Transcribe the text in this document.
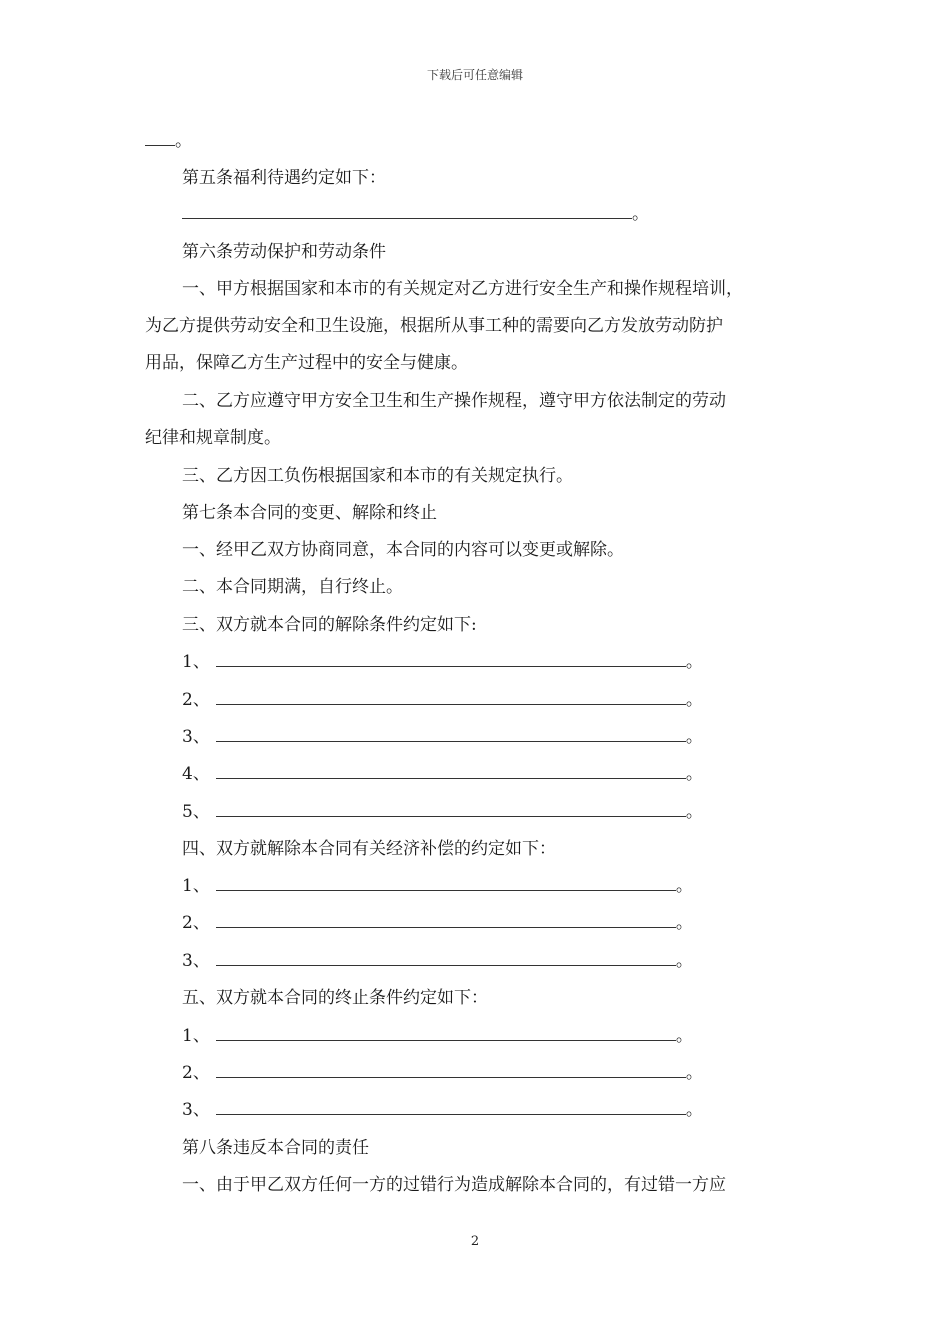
下载后可任意编辑
。
第五条福利待遇约定如下：
。
第六条劳动保护和劳动条件
一、甲方根据国家和本市的有关规定对乙方进行安全生产和操作规程培训，
为乙方提供劳动安全和卫生设施，根据所从事工种的需要向乙方发放劳动防护
用品，保障乙方生产过程中的安全与健康。
二、乙方应遵守甲方安全卫生和生产操作规程，遵守甲方依法制定的劳动
纪律和规章制度。
三、乙方因工负伤根据国家和本市的有关规定执行。
第七条本合同的变更、解除和终止
一、经甲乙双方协商同意，本合同的内容可以变更或解除。
二、本合同期满，自行终止。
三、双方就本合同的解除条件约定如下:
1、	。
2、	。
3、	。
4、	。
5、	。
四、双方就解除本合同有关经济补偿的约定如下：
1、	。
2、	。
3、	。
五、双方就本合同的终止条件约定如下：
1、	。
2、	。
3、	。
第八条违反本合同的责任
一、由于甲乙双方任何一方的过错行为造成解除本合同的，有过错一方应
2
